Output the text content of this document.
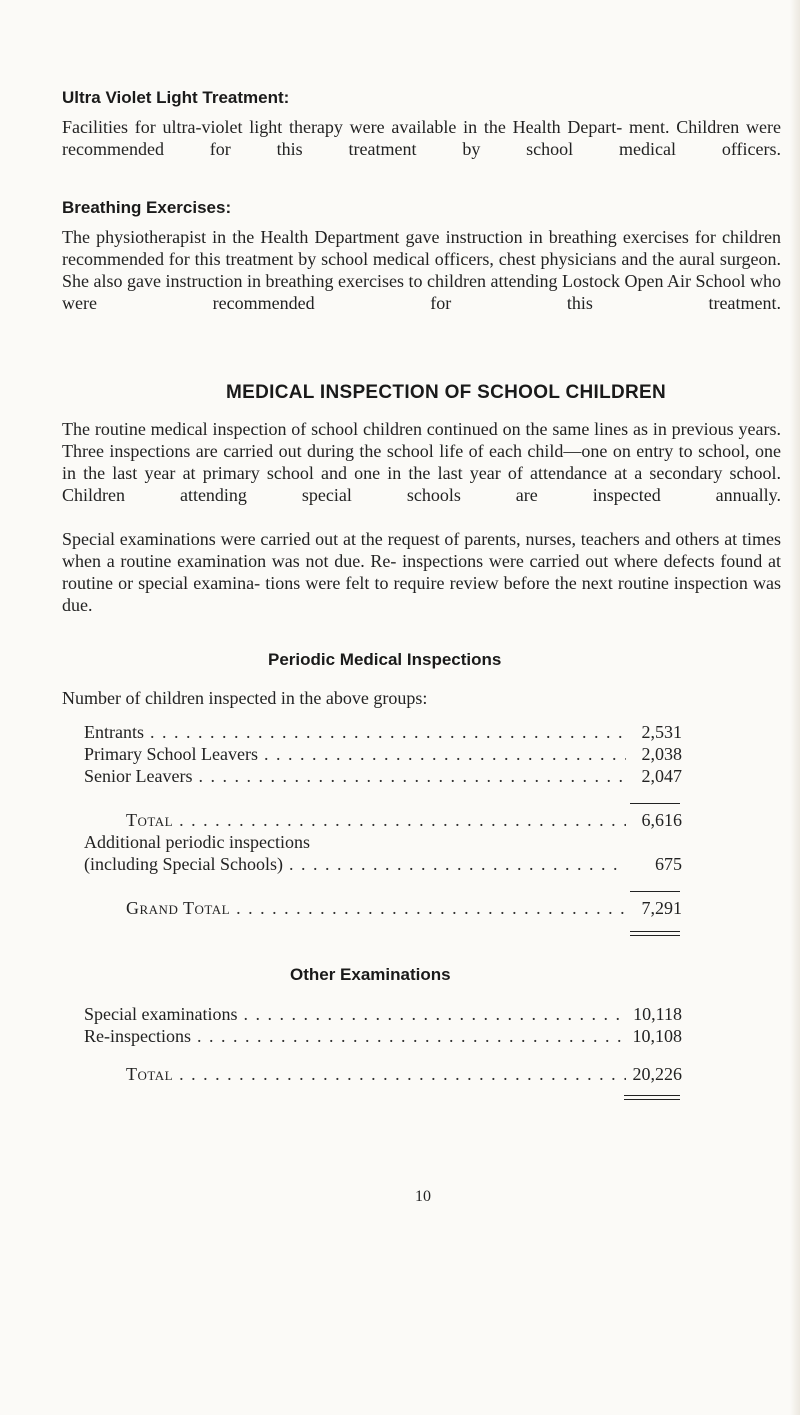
Ultra Violet Light Treatment:

Facilities for ultra-violet light therapy were available in the Health Depart- ment. Children were recommended for this treatment by school medical officers.

Breathing Exercises:

The physiotherapist in the Health Department gave instruction in breathing exercises for children recommended for this treatment by school medical officers, chest physicians and the aural surgeon. She also gave instruction in breathing exercises to children attending Lostock Open Air School who were recommended for this treatment.

MEDICAL INSPECTION OF SCHOOL CHILDREN

The routine medical inspection of school children continued on the same lines as in previous years. Three inspections are carried out during the school life of each child—one on entry to school, one in the last year at primary school and one in the last year of attendance at a secondary school. Children attending special schools are inspected annually.

Special examinations were carried out at the request of parents, nurses, teachers and others at times when a routine examination was not due. Re- inspections were carried out where defects found at routine or special examina- tions were felt to require review before the next routine inspection was due.

Periodic Medical Inspections
Number of children inspected in the above groups:
Entrants . . .	2,531
Primary School Leavers . . .	2,038
Senior Leavers . . .	2,047
Total . . .	6,616
Additional periodic inspections
(including Special Schools) . . .	675
Grand Total . . .	7,291
Other Examinations
Special examinations . . .	10,118
Re-inspections . . .	10,108
Total . . .	20,226
10
